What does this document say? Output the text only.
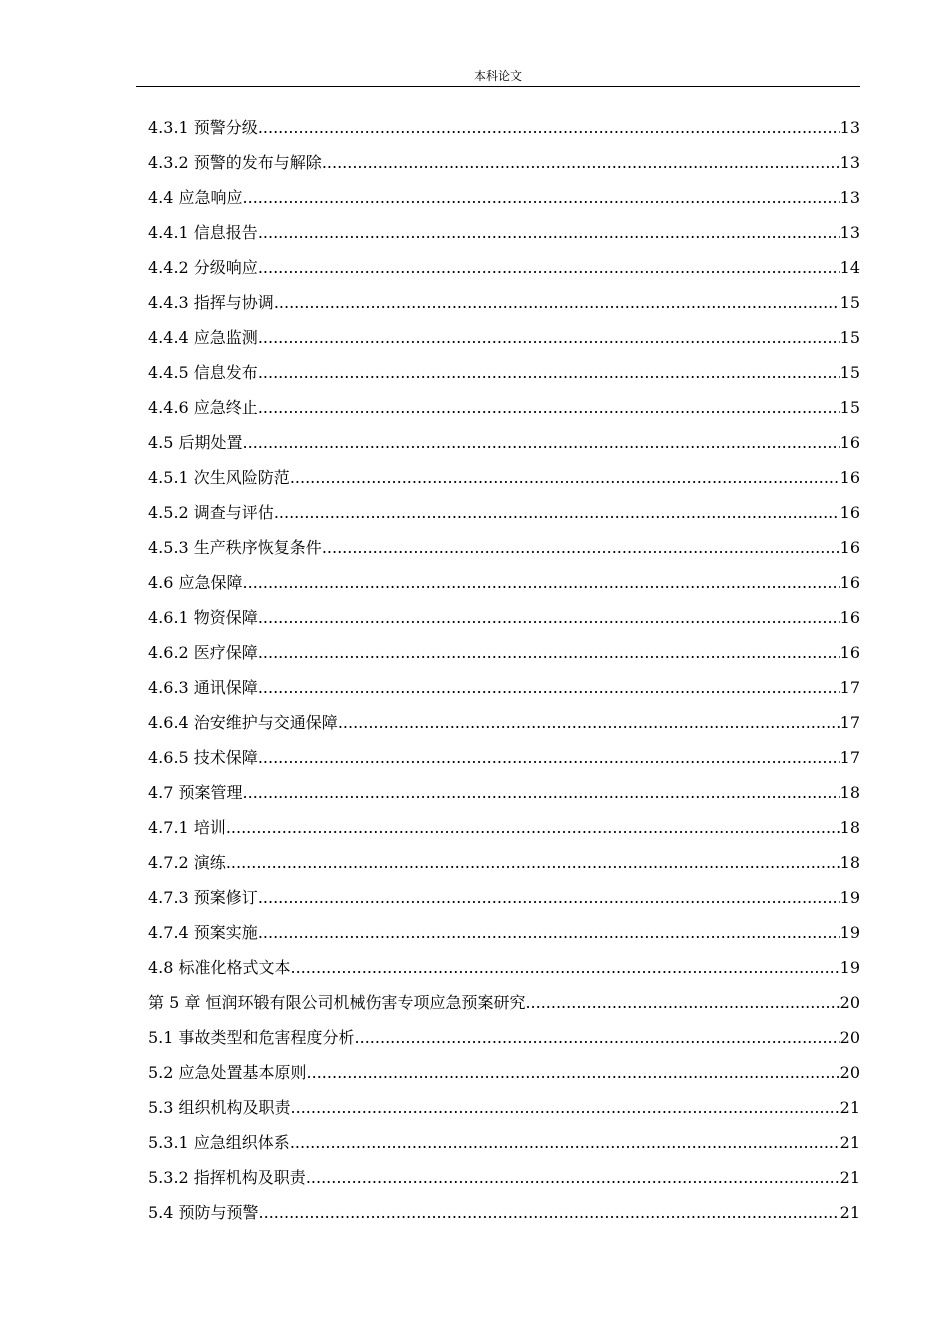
本科论文
4.3.1 预警分级 .....	13
4.3.2 预警的发布与解除 .....	13
4.4 应急响应 .....	13
4.4.1 信息报告 .....	13
4.4.2 分级响应 .....	14
4.4.3 指挥与协调 .....	15
4.4.4 应急监测 .....	15
4.4.5 信息发布 .....	15
4.4.6 应急终止 .....	15
4.5 后期处置 .....	16
4.5.1 次生风险防范 .....	16
4.5.2 调查与评估 .....	16
4.5.3 生产秩序恢复条件 .....	16
4.6 应急保障 .....	16
4.6.1 物资保障 .....	16
4.6.2 医疗保障 .....	16
4.6.3 通讯保障 .....	17
4.6.4 治安维护与交通保障 .....	17
4.6.5 技术保障 .....	17
4.7 预案管理 .....	18
4.7.1 培训 .....	18
4.7.2 演练 .....	18
4.7.3 预案修订 .....	19
4.7.4 预案实施 .....	19
4.8 标准化格式文本 .....	19
第 5 章 恒润环锻有限公司机械伤害专项应急预案研究 .....	20
5.1 事故类型和危害程度分析 .....	20
5.2 应急处置基本原则 .....	20
5.3 组织机构及职责 .....	21
5.3.1 应急组织体系 .....	21
5.3.2 指挥机构及职责 .....	21
5.4 预防与预警 .....	21
